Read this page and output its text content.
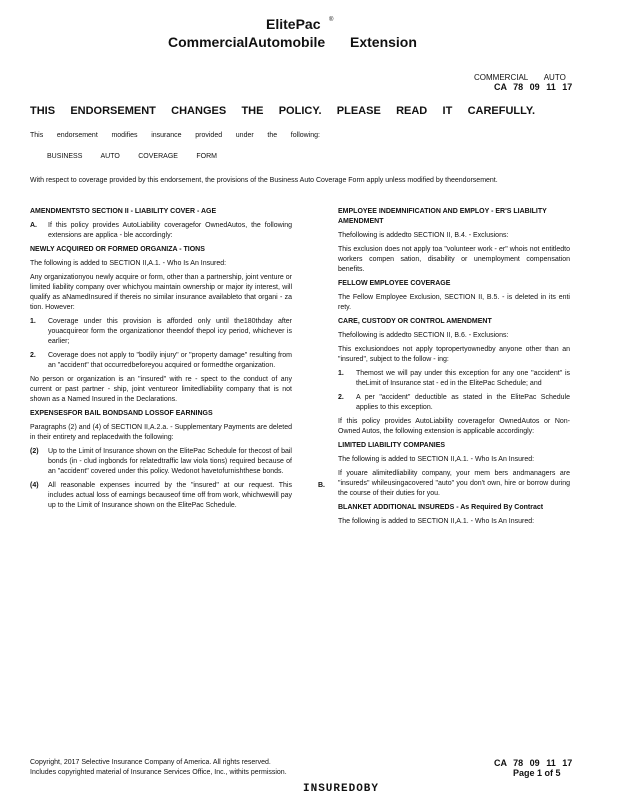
ElitePac ®
CommercialAutomobile Extension
COMMERCIAL AUTO
CA 78 09 11 17
THIS ENDORSEMENT CHANGES THE POLICY. PLEASE READ IT CAREFULLY.
This endorsement modifies insurance provided under the following:
BUSINESS AUTO COVERAGE FORM
With respect to coverage provided by this endorsement, the provisions of the Business Auto Coverage Form apply unless modified by theendorsement.
AMENDMENTSTO SECTION II - LIABILITY COVER - AGE
A.	If this policy provides AutoLiability coveragefor OwnedAutos, the following extensions are applica - ble accordingly:
NEWLY ACQUIRED OR FORMED ORGANIZA - TIONS
The following is added to SECTION II,A.1. - Who Is An Insured:
Any organizationyou newly acquire or form, other than a partnership, joint venture or limited liability company over whichyou maintain ownership or major ity interest, will qualify as aNamedInsured if thereis no similar insurance availableto that organi - za tion. However:
1.	Coverage under this provision is afforded only until the180thday after youacquireor form the organizationor theendof thepol icy period, whichever is earlier;
2.	Coverage does not apply to "bodily injury" or "property damage" resulting from an "accident" that occurredbeforeyou acquired or formedthe organization.
No person or organization is an "insured" with re - spect to the conduct of any current or past partner - ship, joint ventureor limitedliability company that is not shown as a Named Insured in the Declarations.
EXPENSESFOR BAIL BONDSAND LOSSOF EARNINGS
Paragraphs (2) and (4) of SECTION II,A.2.a. - Supplementary Payments are deleted in their entirety and replacedwith the following:
(2)	Up to the Limit of Insurance shown on the ElitePac Schedule for thecost of bail bonds (in - clud ingbonds for relatedtraffic law viola tions) required because of an "accident" covered under this policy. Wedonot havetofurnishthese bonds.
(4)	All reasonable expenses incurred by the "insured" at our request. This includes actual loss of earnings becauseof time off from work, whichwewill pay up to the Limit of Insurance shown on the ElitePac Schedule.
EMPLOYEE INDEMNIFICATION AND EMPLOY - ER'S LIABILITY AMENDMENT
Thefollowing is addedto SECTION II, B.4. - Exclusions:
This exclusion does not apply toa "volunteer work - er" whois not entitledto workers compen sation, disability or unemployment compensation benefits.
FELLOW EMPLOYEE COVERAGE
The Fellow Employee Exclusion, SECTION II, B.5. - is deleted in its enti rety.
CARE, CUSTODY OR CONTROL AMENDMENT
Thefollowing is addedto SECTION II, B.6. - Exclusions:
This exclusiondoes not apply topropertyownedby anyone other than an "insured", subject to the follow - ing:
1.	Themost we will pay under this exception for any one "accident" is theLimit of Insurance stat - ed in the ElitePac Schedule; and
2.	A per "accident" deductible as stated in the ElitePac Schedule applies to this exception.
If this policy provides AutoLiability coveragefor OwnedAutos or Non-Owned Autos, the following extension is applicable accordingly:
LIMITED LIABILITY COMPANIES
The following is added to SECTION II,A.1. - Who Is An Insured:
If youare alimitedliability company, your mem bers andmanagers are "insureds" whileusingacovered "auto" you don't own, hire or borrow during the course of their duties for you.
BLANKET ADDITIONAL INSUREDS - As Required By Contract
The following is added to SECTION II,A.1. - Who Is An Insured:
B.
Copyright, 2017 Selective Insurance Company of America. All rights reserved.
Includes copyrighted material of Insurance Services Office, Inc., withits permission.
CA 78 09 11 17
Page 1 of 5
INSUREDOBY
